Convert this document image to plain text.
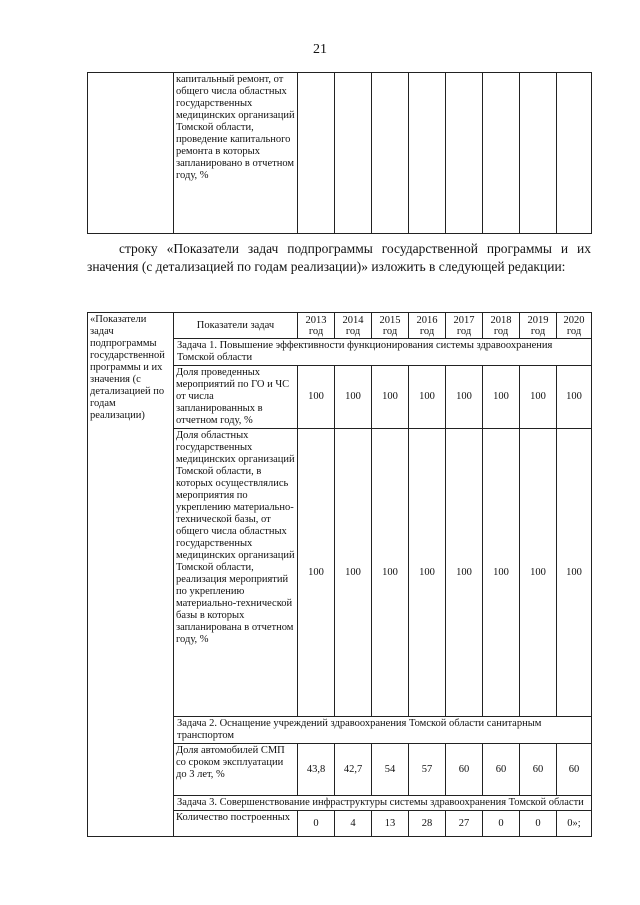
21
	капитальный ремонт, от общего числа областных государственных медицинских организаций Томской области, проведение капитального ремонта в которых запланировано в отчетном году, %								
строку «Показатели задач подпрограммы государственной программы и их значения (с детализацией по годам реализации)» изложить в следующей редакции:
«Показатели задач подпрограммы государственной программы и их значения (с детализацией по годам реализации)	Показатели задач	2013
год	2014
год	2015
год	2016
год	2017
год	2018
год	2019
год	2020
год
	Задача 1. Повышение эффективности функционирования системы здравоохранения Томской области								
	Доля проведенных мероприятий по ГО и ЧС от числа запланированных в отчетном году, %	100	100	100	100	100	100	100	100
	Доля областных государственных медицинских организаций Томской области, в которых осуществлялись мероприятия по укреплению материально-технической базы, от общего числа областных государственных медицинских организаций Томской области, реализация мероприятий по укреплению материально-технической базы в которых запланирована в отчетном году, %	100	100	100	100	100	100	100	100
	Задача 2. Оснащение учреждений здравоохранения Томской области санитарным транспортом								
	Доля автомобилей СМП со сроком эксплуатации до 3 лет, %	43,8	42,7	54	57	60	60	60	60
	Задача 3. Совершенствование инфраструктуры системы здравоохранения Томской области								
	Количество построенных	0	4	13	28	27	0	0	0»;
